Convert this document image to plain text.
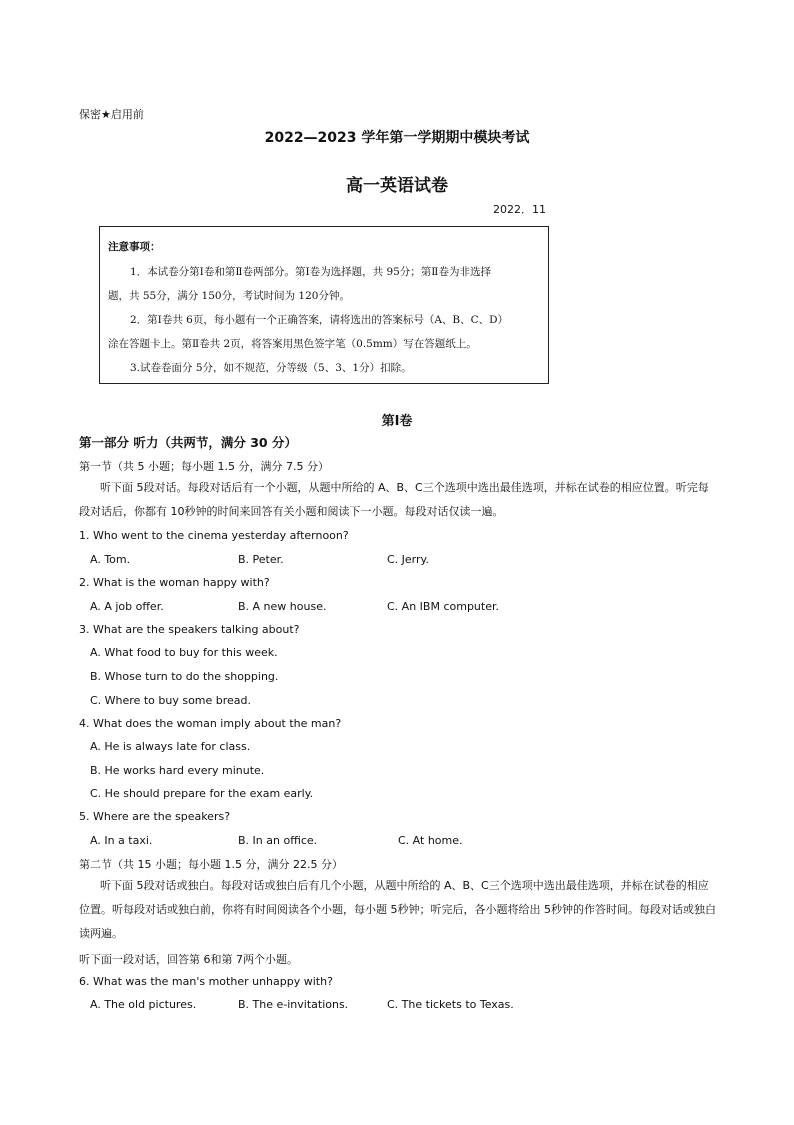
保密★启用前
2022—2023 学年第一学期期中模块考试
高一英语试卷
2022．11
注意事项：
1．本试卷分第Ⅰ卷和第Ⅱ卷两部分。第Ⅰ卷为选择题，共 95分；第Ⅱ卷为非选择
题，共 55分，满分 150分，考试时间为 120分钟。
2．第Ⅰ卷共 6页，每小题有一个正确答案，请将选出的答案标号（A、B、C、D）
涂在答题卡上。第Ⅱ卷共 2页，将答案用黑色签字笔（0.5mm）写在答题纸上。
3.试卷卷面分 5分，如不规范，分等级（5、3、1分）扣除。
第Ⅰ卷
第一部分 听力（共两节，满分 30 分）
第一节（共 5 小题；每小题 1.5 分，满分 7.5 分）
听下面 5段对话。每段对话后有一个小题，从题中所给的 A、B、C三个选项中选出最佳选项，并标在试卷的相应位置。听完每段对话后，你都有 10秒钟的时间来回答有关小题和阅读下一小题。每段对话仅读一遍。
1. Who went to the cinema yesterday afternoon?
A. Tom.	B. Peter.	C. Jerry.
2. What is the woman happy with?
A. A job offer.	B. A new house.	C. An IBM computer.
3. What are the speakers talking about?
A. What food to buy for this week.
B. Whose turn to do the shopping.
C. Where to buy some bread.
4. What does the woman imply about the man?
A. He is always late for class.
B. He works hard every minute.
C. He should prepare for the exam early.
5. Where are the speakers?
A. In a taxi.	B. In an office.	C. At home.
第二节（共 15 小题；每小题 1.5 分，满分 22.5 分）
听下面 5段对话或独白。每段对话或独白后有几个小题，从题中所给的 A、B、C三个选项中选出最佳选项，并标在试卷的相应位置。听每段对话或独白前，你将有时间阅读各个小题，每小题 5秒钟；听完后，各小题将给出 5秒钟的作答时间。每段对话或独白读两遍。
听下面一段对话，回答第 6和第 7两个小题。
6. What was the man's mother unhappy with?
A. The old pictures.	B. The e-invitations.	C. The tickets to Texas.
